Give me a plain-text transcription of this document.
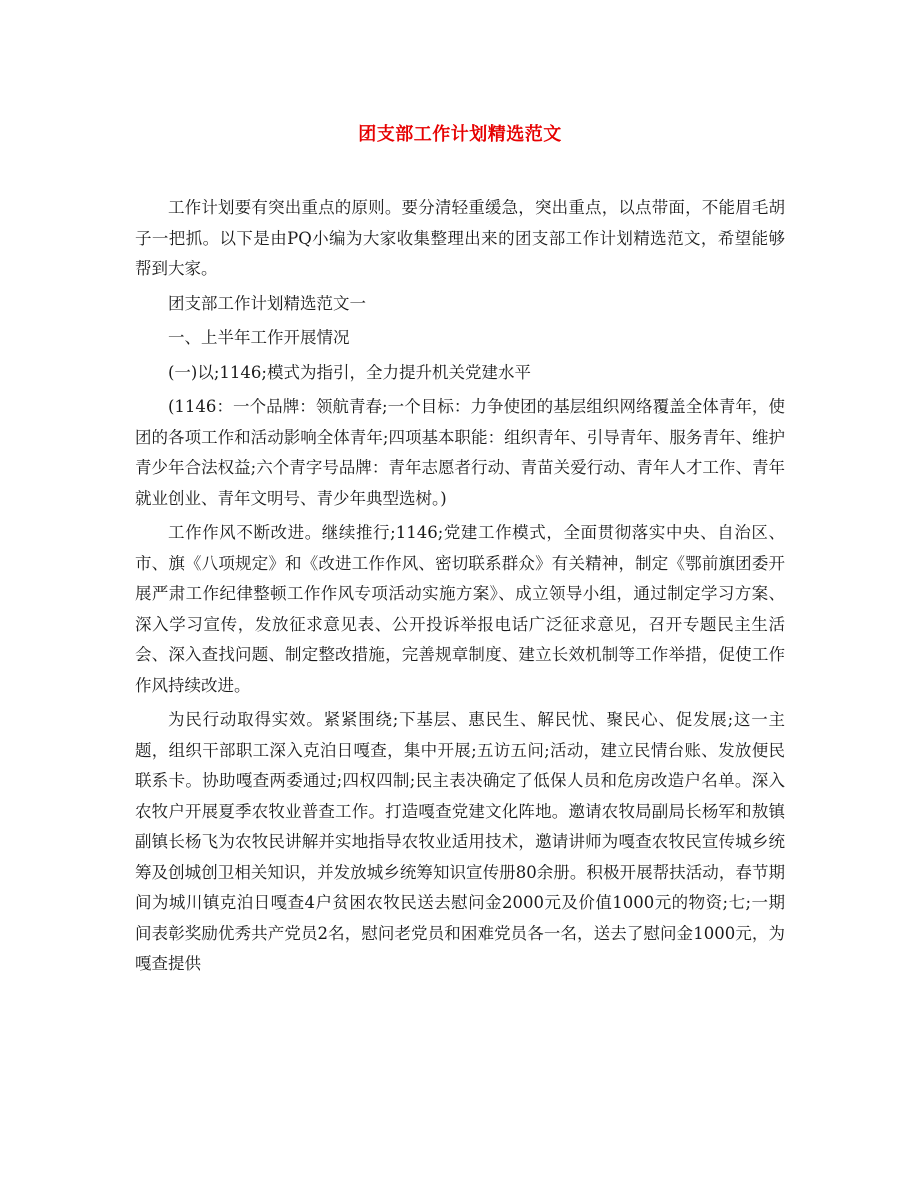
团支部工作计划精选范文

工作计划要有突出重点的原则。要分清轻重缓急，突出重点，以点带面，不能眉毛胡子一把抓。以下是由PQ小编为大家收集整理出来的团支部工作计划精选范文，希望能够帮到大家。

团支部工作计划精选范文一

一、上半年工作开展情况

(一)以;1146;模式为指引，全力提升机关党建水平

(1146：一个品牌：领航青春;一个目标：力争使团的基层组织网络覆盖全体青年，使团的各项工作和活动影响全体青年;四项基本职能：组织青年、引导青年、服务青年、维护青少年合法权益;六个青字号品牌：青年志愿者行动、青苗关爱行动、青年人才工作、青年就业创业、青年文明号、青少年典型选树。)

工作作风不断改进。继续推行;1146;党建工作模式，全面贯彻落实中央、自治区、市、旗《八项规定》和《改进工作作风、密切联系群众》有关精神，制定《鄂前旗团委开展严肃工作纪律整顿工作作风专项活动实施方案》、成立领导小组，通过制定学习方案、深入学习宣传，发放征求意见表、公开投诉举报电话广泛征求意见，召开专题民主生活会、深入查找问题、制定整改措施，完善规章制度、建立长效机制等工作举措，促使工作作风持续改进。

为民行动取得实效。紧紧围绕;下基层、惠民生、解民忧、聚民心、促发展;这一主题，组织干部职工深入克泊日嘎查，集中开展;五访五问;活动，建立民情台账、发放便民联系卡。协助嘎查两委通过;四权四制;民主表决确定了低保人员和危房改造户名单。深入农牧户开展夏季农牧业普查工作。打造嘎查党建文化阵地。邀请农牧局副局长杨军和敖镇副镇长杨飞为农牧民讲解并实地指导农牧业适用技术，邀请讲师为嘎查农牧民宣传城乡统筹及创城创卫相关知识，并发放城乡统筹知识宣传册80余册。积极开展帮扶活动，春节期间为城川镇克泊日嘎查4户贫困农牧民送去慰问金2000元及价值1000元的物资;七;一期间表彰奖励优秀共产党员2名，慰问老党员和困难党员各一名，送去了慰问金1000元，为嘎查提供
